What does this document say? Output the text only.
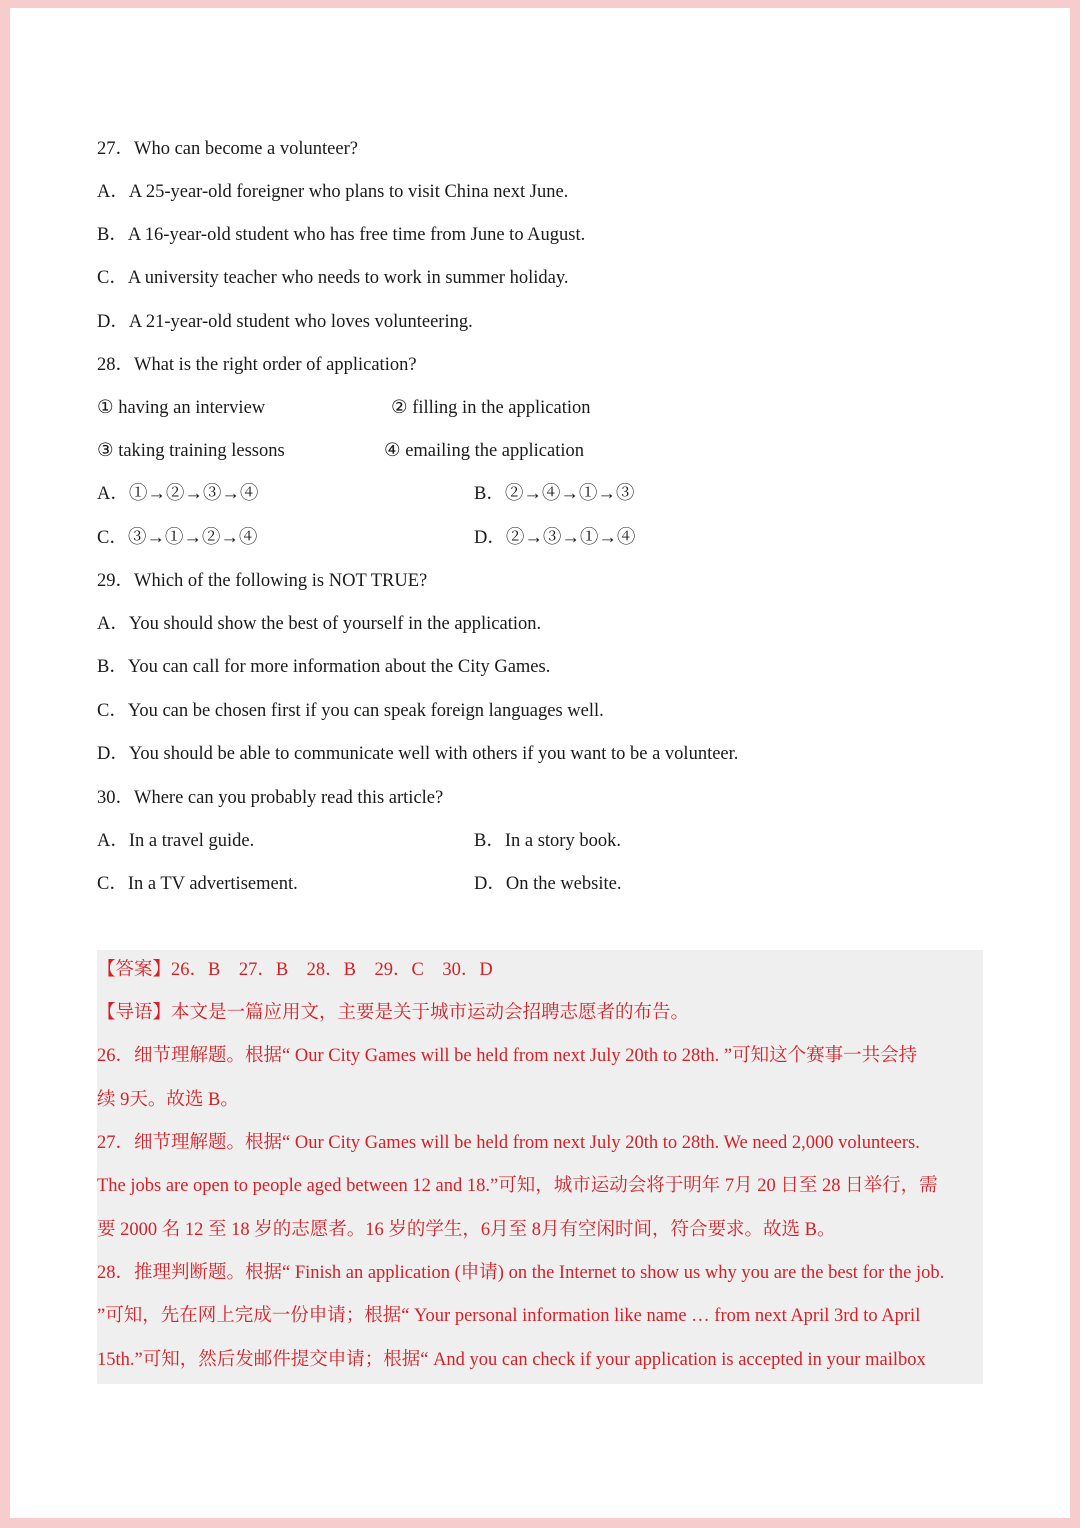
27．Who can become a volunteer?
A．A 25-year-old foreigner who plans to visit China next June.
B．A 16-year-old student who has free time from June to August.
C．A university teacher who needs to work in summer holiday.
D．A 21-year-old student who loves volunteering.
28．What is the right order of application?
① having an interview	② filling in the application
③ taking training lessons	④ emailing the application
A．①→②→③→④	B．②→④→①→③
C．③→①→②→④	D．②→③→①→④
29．Which of the following is NOT TRUE?
A．You should show the best of yourself in the application.
B．You can call for more information about the City Games.
C．You can be chosen first if you can speak foreign languages well.
D．You should be able to communicate well with others if you want to be a volunteer.
30．Where can you probably read this article?
A．In a travel guide.	B．In a story book.
C．In a TV advertisement.	D．On the website.
【答案】26．B　27．B　28．B　29．C　30．D
【导语】本文是一篇应用文，主要是关于城市运动会招聘志愿者的布告。
26．细节理解题。根据“ Our City Games will be held from next July 20th to 28th. ”可知这个赛事一共会持
续 9天。故选 B。
27．细节理解题。根据“ Our City Games will be held from next July 20th to 28th. We need 2,000 volunteers.
The jobs are open to people aged between 12 and 18.”可知，城市运动会将于明年 7月 20 日至 28 日举行，需
要 2000 名 12 至 18 岁的志愿者。16 岁的学生，6月至 8月有空闲时间，符合要求。故选 B。
28．推理判断题。根据“ Finish an application (申请) on the Internet to show us why you are the best for the job.
”可知，先在网上完成一份申请；根据“ Your personal information like name … from next April 3rd to April
15th.”可知，然后发邮件提交申请；根据“ And you can check if your application is accepted in your mailbox
